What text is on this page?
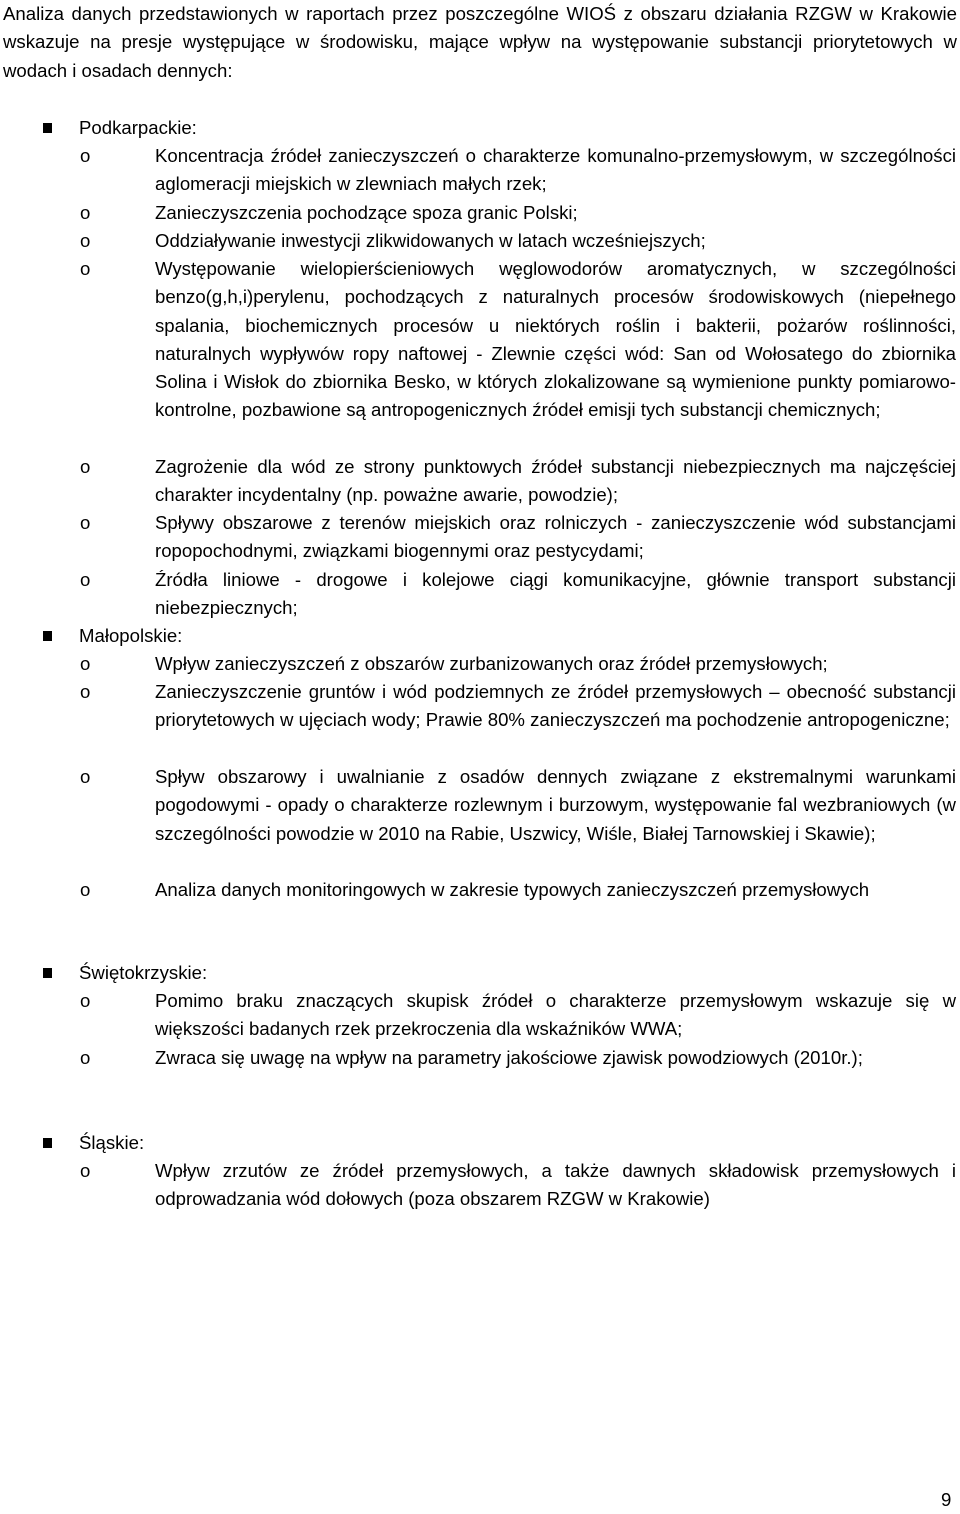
Analiza danych przedstawionych w raportach przez poszczególne WIOŚ z obszaru działania RZGW w Krakowie wskazuje na presje występujące w środowisku, mające wpływ na występowanie substancji priorytetowych w wodach i osadach dennych:

Podkarpackie:
o	Koncentracja źródeł zanieczyszczeń o charakterze komunalno-przemysłowym, w szczególności aglomeracji miejskich w zlewniach małych rzek;

o	Zanieczyszczenia pochodzące spoza granic Polski;

o	Oddziaływanie inwestycji zlikwidowanych w latach wcześniejszych;

o	Występowanie wielopierścieniowych węglowodorów aromatycznych, w szczególności benzo(g,h,i)perylenu, pochodzących z naturalnych procesów środowiskowych (niepełnego spalania, biochemicznych procesów u niektórych roślin i bakterii, pożarów roślinności, naturalnych wypływów ropy naftowej - Zlewnie części wód: San od Wołosatego do zbiornika Solina i Wisłok do zbiornika Besko, w których zlokalizowane są wymienione punkty pomiarowo-kontrolne, pozbawione są antropogenicznych źródeł emisji tych substancji chemicznych;

o	Zagrożenie dla wód ze strony punktowych źródeł substancji niebezpiecznych ma najczęściej charakter incydentalny (np. poważne awarie, powodzie);

o	Spływy obszarowe z terenów miejskich oraz rolniczych - zanieczyszczenie wód substancjami ropopochodnymi, związkami biogennymi oraz pestycydami;

o	Źródła liniowe - drogowe i kolejowe ciągi komunikacyjne, głównie transport substancji niebezpiecznych;

Małopolskie:
o	Wpływ zanieczyszczeń z obszarów zurbanizowanych oraz źródeł przemysłowych;

o	Zanieczyszczenie gruntów i wód podziemnych ze źródeł przemysłowych – obecność substancji priorytetowych w ujęciach wody; Prawie 80% zanieczyszczeń ma pochodzenie antropogeniczne;

o	Spływ obszarowy i uwalnianie z osadów dennych związane z ekstremalnymi warunkami pogodowymi - opady o charakterze rozlewnym i burzowym, występowanie fal wezbraniowych (w szczególności powodzie w 2010 na Rabie, Uszwicy, Wiśle, Białej Tarnowskiej i Skawie);

o	Analiza danych monitoringowych w zakresie typowych zanieczyszczeń przemysłowych

Świętokrzyskie:
o	Pomimo braku znaczących skupisk źródeł o charakterze przemysłowym wskazuje się w większości badanych rzek przekroczenia dla wskaźników WWA;

o	Zwraca się uwagę na wpływ na parametry jakościowe zjawisk powodziowych (2010r.);

Śląskie:
o	Wpływ zrzutów ze źródeł przemysłowych, a także dawnych składowisk przemysłowych i odprowadzania wód dołowych (poza obszarem RZGW w Krakowie)

9
